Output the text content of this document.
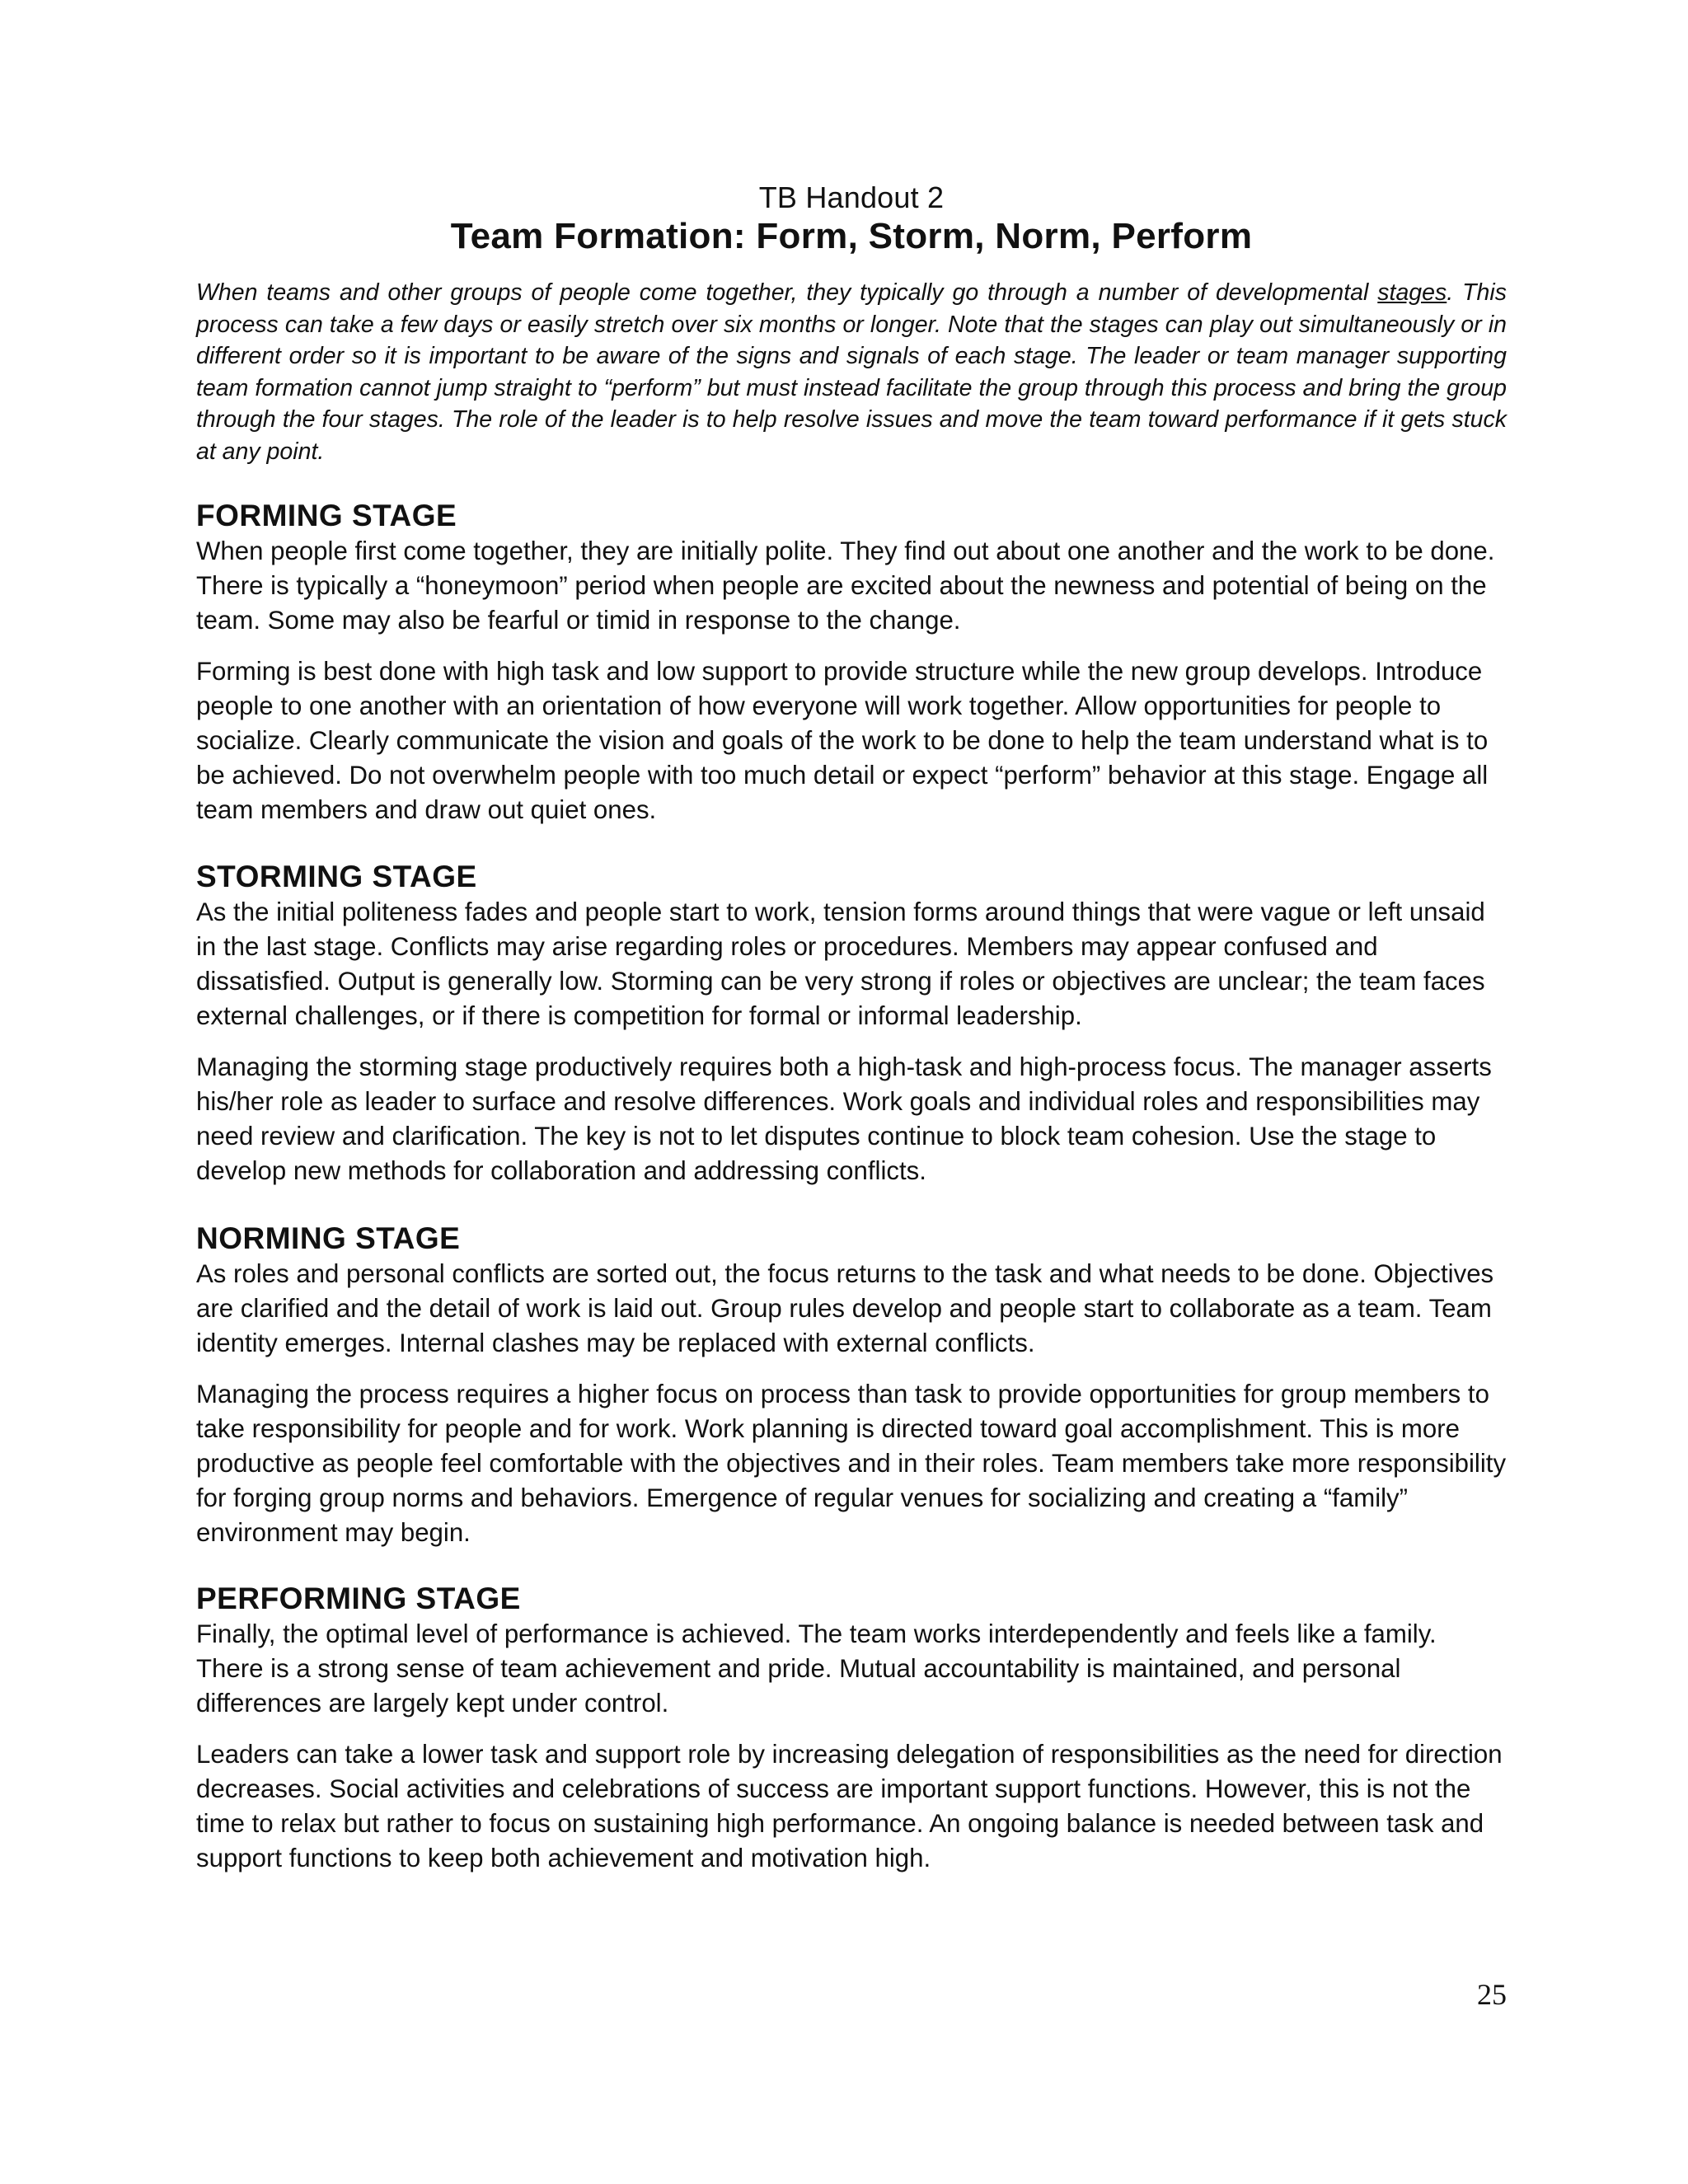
TB Handout 2
Team Formation: Form, Storm, Norm, Perform
When teams and other groups of people come together, they typically go through a number of developmental stages. This process can take a few days or easily stretch over six months or longer. Note that the stages can play out simultaneously or in different order so it is important to be aware of the signs and signals of each stage. The leader or team manager supporting team formation cannot jump straight to “perform” but must instead facilitate the group through this process and bring the group through the four stages. The role of the leader is to help resolve issues and move the team toward performance if it gets stuck at any point.
FORMING STAGE

When people first come together, they are initially polite. They find out about one another and the work to be done. There is typically a “honeymoon” period when people are excited about the newness and potential of being on the team. Some may also be fearful or timid in response to the change.

Forming is best done with high task and low support to provide structure while the new group develops. Introduce people to one another with an orientation of how everyone will work together. Allow opportunities for people to socialize. Clearly communicate the vision and goals of the work to be done to help the team understand what is to be achieved. Do not overwhelm people with too much detail or expect “perform” behavior at this stage. Engage all team members and draw out quiet ones.

STORMING STAGE

As the initial politeness fades and people start to work, tension forms around things that were vague or left unsaid in the last stage. Conflicts may arise regarding roles or procedures. Members may appear confused and dissatisfied. Output is generally low. Storming can be very strong if roles or objectives are unclear; the team faces external challenges, or if there is competition for formal or informal leadership.

Managing the storming stage productively requires both a high-task and high-process focus. The manager asserts his/her role as leader to surface and resolve differences. Work goals and individual roles and responsibilities may need review and clarification. The key is not to let disputes continue to block team cohesion. Use the stage to develop new methods for collaboration and addressing conflicts.

NORMING STAGE

As roles and personal conflicts are sorted out, the focus returns to the task and what needs to be done. Objectives are clarified and the detail of work is laid out. Group rules develop and people start to collaborate as a team. Team identity emerges. Internal clashes may be replaced with external conflicts.

Managing the process requires a higher focus on process than task to provide opportunities for group members to take responsibility for people and for work. Work planning is directed toward goal accomplishment. This is more productive as people feel comfortable with the objectives and in their roles. Team members take more responsibility for forging group norms and behaviors. Emergence of regular venues for socializing and creating a “family” environment may begin.

PERFORMING STAGE

Finally, the optimal level of performance is achieved. The team works interdependently and feels like a family. There is a strong sense of team achievement and pride. Mutual accountability is maintained, and personal differences are largely kept under control.

Leaders can take a lower task and support role by increasing delegation of responsibilities as the need for direction decreases. Social activities and celebrations of success are important support functions. However, this is not the time to relax but rather to focus on sustaining high performance. An ongoing balance is needed between task and support functions to keep both achievement and motivation high.

25
